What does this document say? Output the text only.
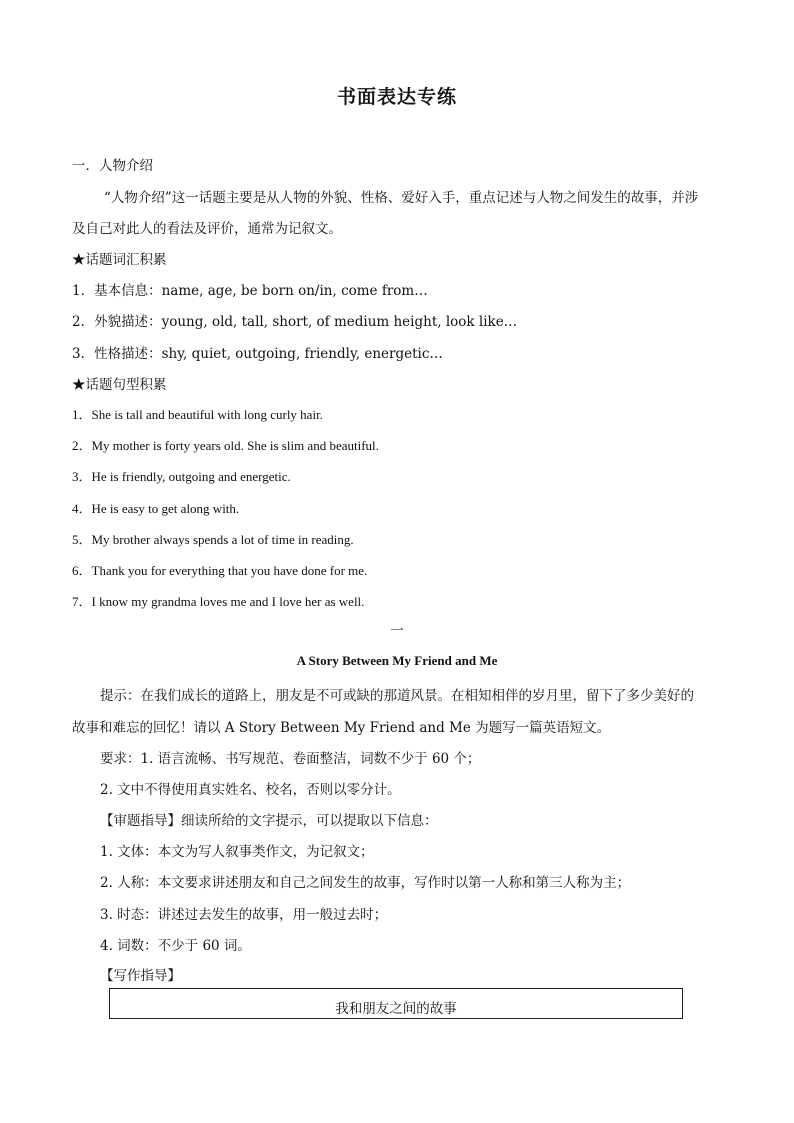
书面表达专练
一．人物介绍
“人物介绍”这一话题主要是从人物的外貌、性格、爱好入手，重点记述与人物之间发生的故事，并涉
及自己对此人的看法及评价，通常为记叙文。
★话题词汇积累
1．基本信息：name, age, be born on/in, come from…
2．外貌描述：young, old, tall, short, of medium height, look like…
3．性格描述：shy, quiet, outgoing, friendly, energetic…
★话题句型积累
1．She is tall and beautiful with long curly hair.
2．My mother is forty years old. She is slim and beautiful.
3．He is friendly, outgoing and energetic.
4．He is easy to get along with.
5．My brother always spends a lot of time in reading.
6．Thank you for everything that you have done for me.
7．I know my grandma loves me and I love her as well.
一
A Story Between My Friend and Me
提示：在我们成长的道路上，朋友是不可或缺的那道风景。在相知相伴的岁月里，留下了多少美好的
故事和难忘的回忆！请以 A Story Between My Friend and Me 为题写一篇英语短文。
要求：1. 语言流畅、书写规范、卷面整洁，词数不少于 60 个；
2. 文中不得使用真实姓名、校名，否则以零分计。
【审题指导】细读所给的文字提示，可以提取以下信息：
1. 文体：本文为写人叙事类作文，为记叙文；
2. 人称：本文要求讲述朋友和自己之间发生的故事，写作时以第一人称和第三人称为主；
3. 时态：讲述过去发生的故事，用一般过去时；
4. 词数：不少于 60 词。
【写作指导】
我和朋友之间的故事
